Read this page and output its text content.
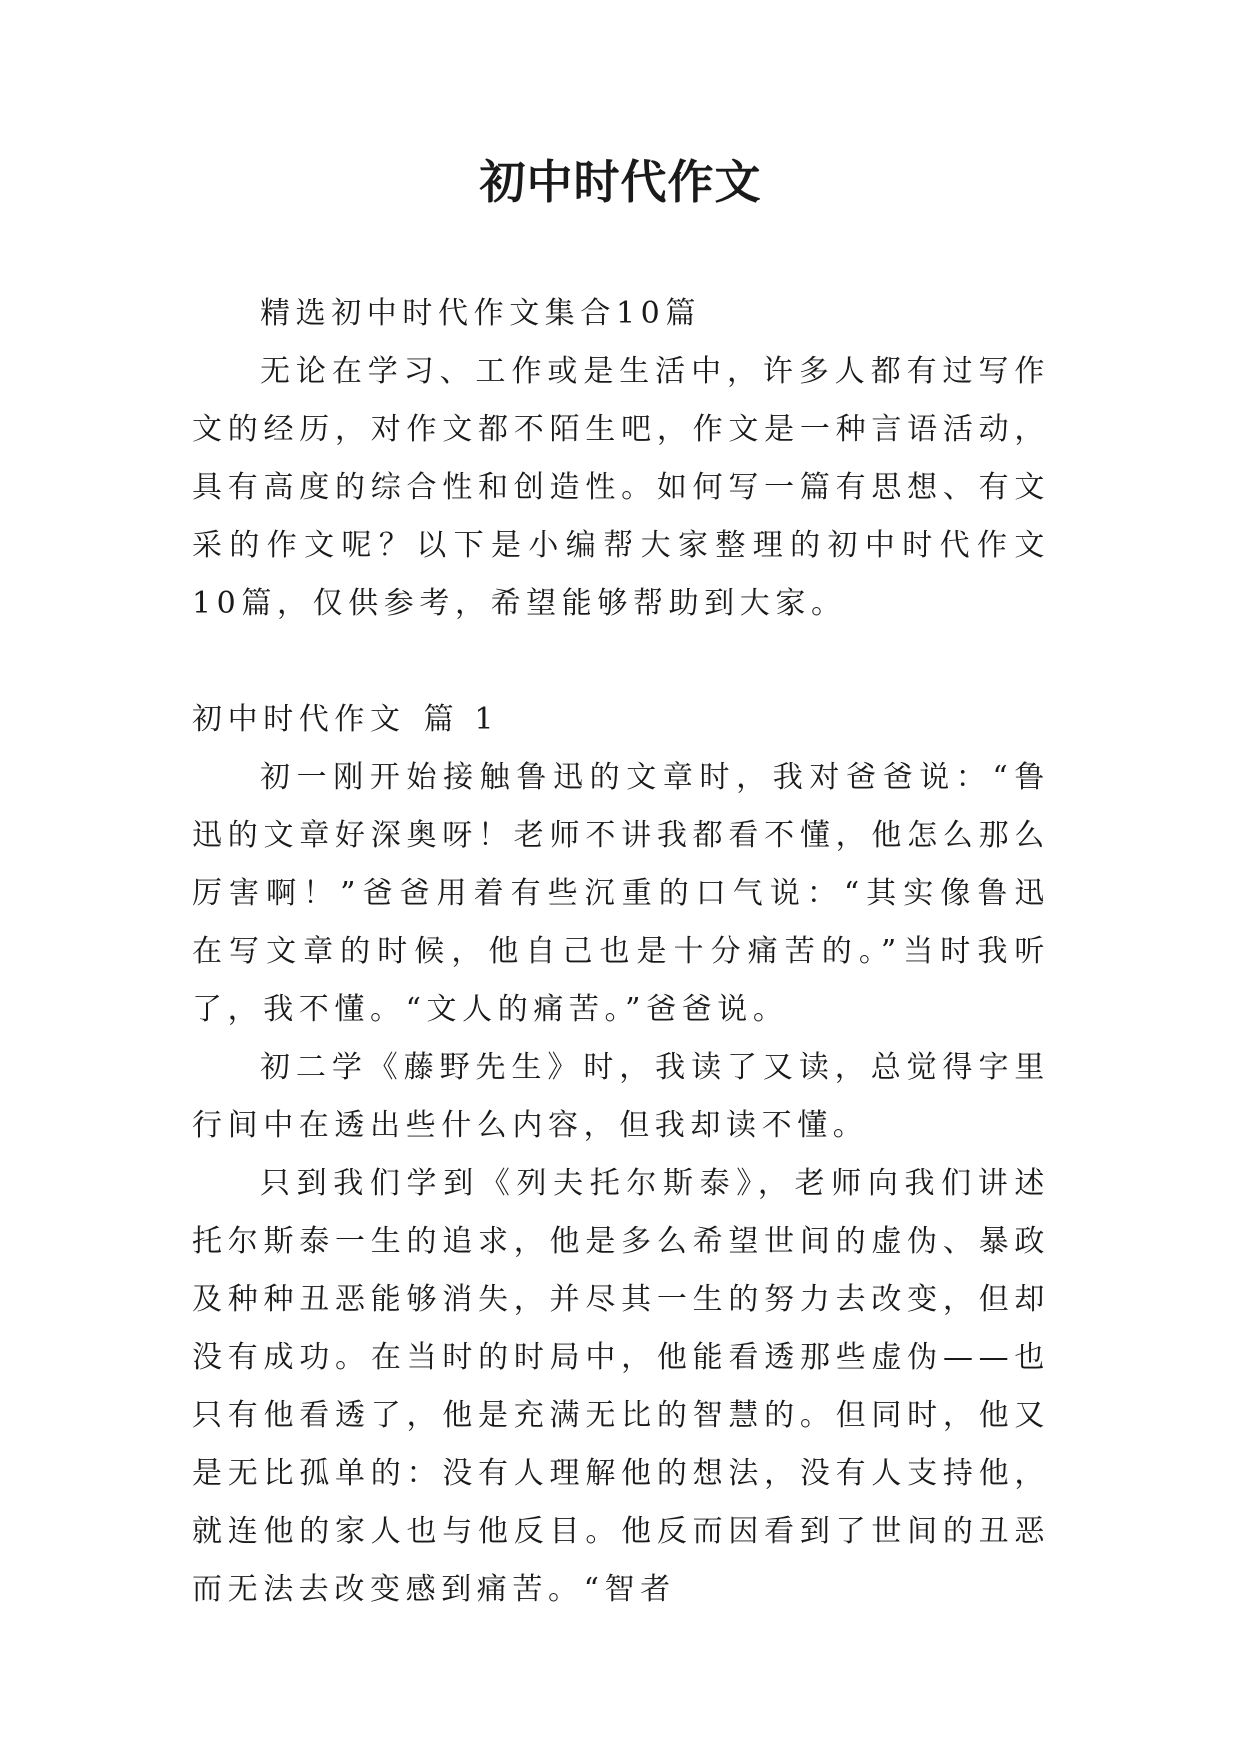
初中时代作文

精选初中时代作文集合10篇

无论在学习、工作或是生活中，许多人都有过写作文的经历，对作文都不陌生吧，作文是一种言语活动，具有高度的综合性和创造性。如何写一篇有思想、有文采的作文呢？以下是小编帮大家整理的初中时代作文10篇，仅供参考，希望能够帮助到大家。

初中时代作文 篇 1

初一刚开始接触鲁迅的文章时，我对爸爸说：“鲁迅的文章好深奥呀！老师不讲我都看不懂，他怎么那么厉害啊！”爸爸用着有些沉重的口气说：“其实像鲁迅在写文章的时候，他自己也是十分痛苦的。”当时我听了，我不懂。“文人的痛苦。”爸爸说。

初二学《藤野先生》时，我读了又读，总觉得字里行间中在透出些什么内容，但我却读不懂。

只到我们学到《列夫托尔斯泰》，老师向我们讲述托尔斯泰一生的追求，他是多么希望世间的虚伪、暴政及种种丑恶能够消失，并尽其一生的努力去改变，但却没有成功。在当时的时局中，他能看透那些虚伪——也只有他看透了，他是充满无比的智慧的。但同时，他又是无比孤单的：没有人理解他的想法，没有人支持他，就连他的家人也与他反目。他反而因看到了世间的丑恶而无法去改变感到痛苦。“智者
